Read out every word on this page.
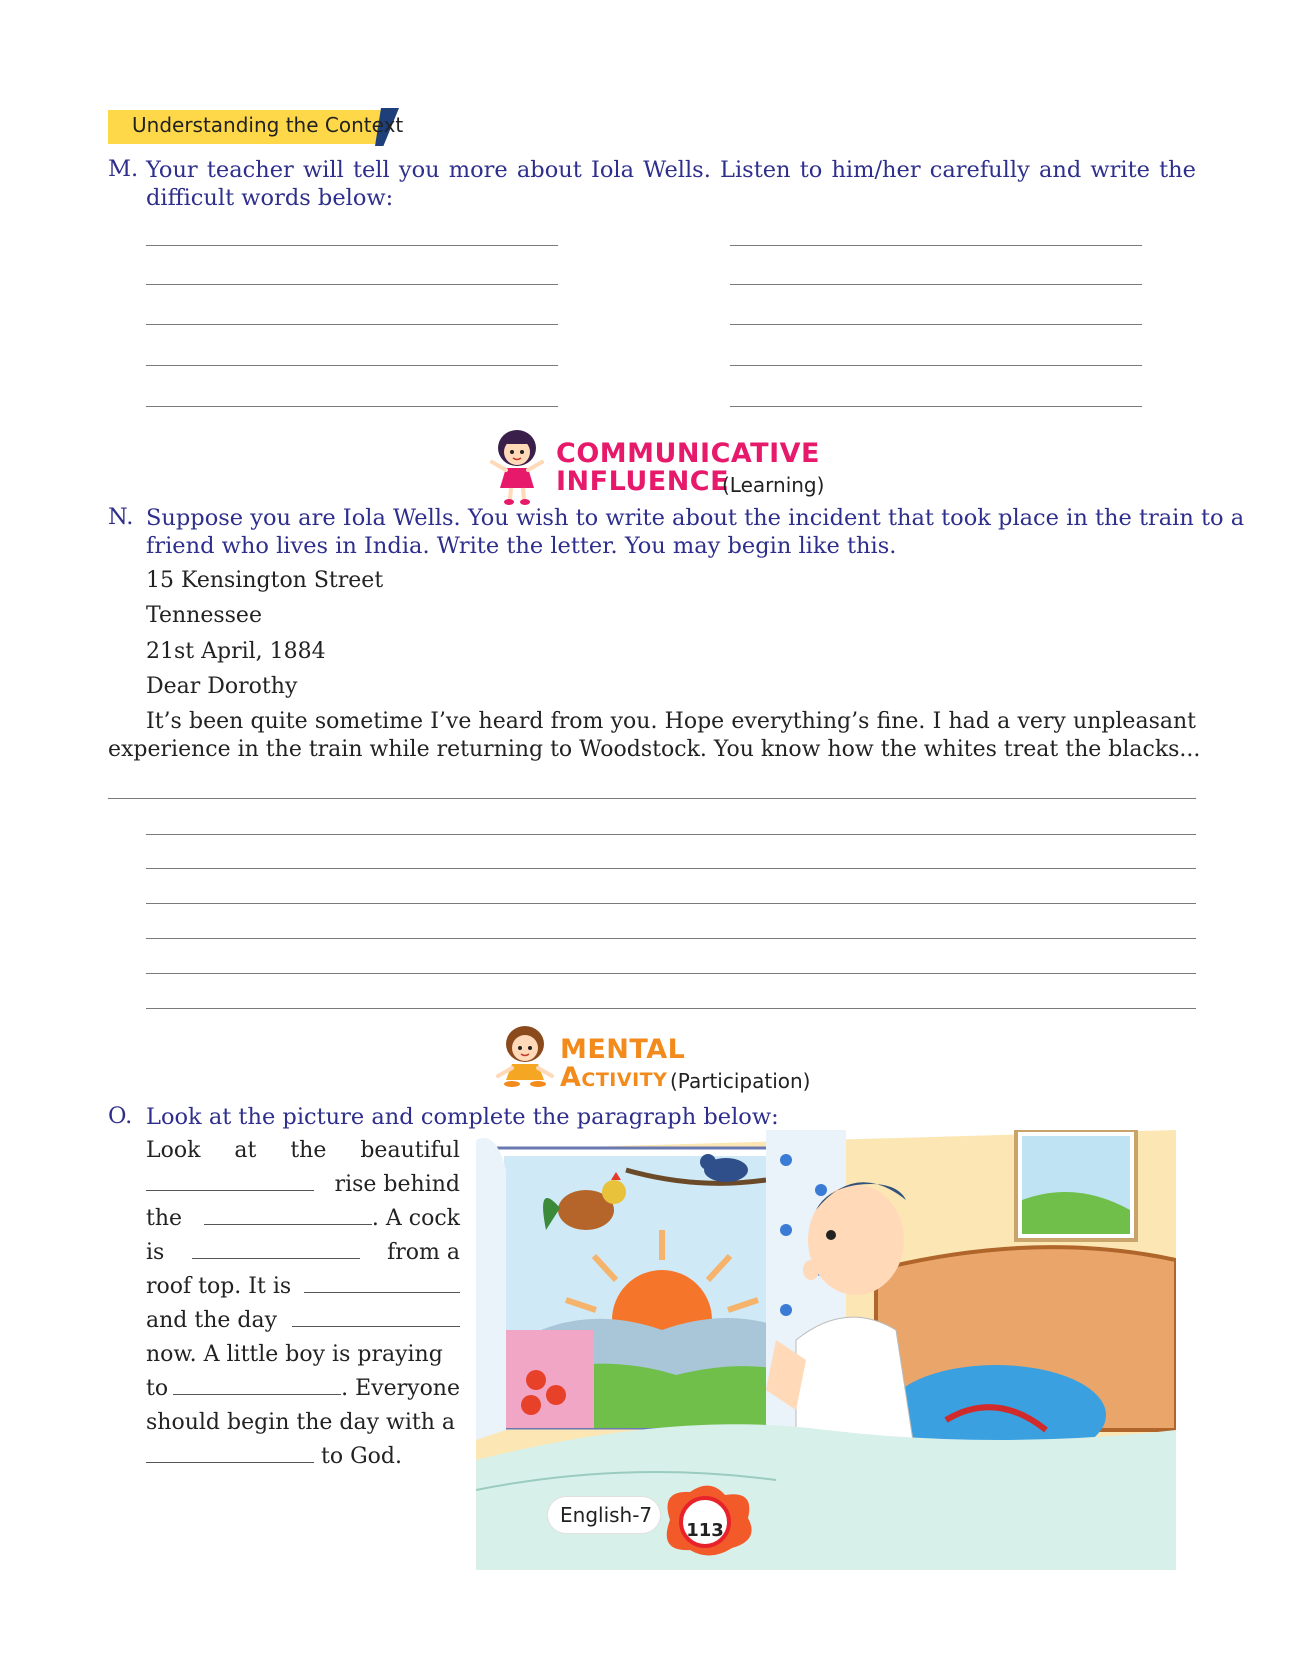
Understanding the Context
M. Your teacher will tell you more about Iola Wells. Listen to him/her carefully and write the
difficult words below:
COMMUNICATIVE
INFLUENCE
(Learning)
N. Suppose you are Iola Wells. You wish to write about the incident that took place in the train to a
friend who lives in India. Write the letter. You may begin like this.
15 Kensington Street
Tennessee
21st April, 1884
Dear Dorothy
It’s been quite sometime I’ve heard from you. Hope everything’s fine. I had a very unpleasant
experience in the train while returning to Woodstock. You know how the whites treat the blacks...
MENTAL
Activity (Participation)
O. Look at the picture and complete the paragraph below:
Look at the beautiful
rise behind
the	. A cock
is	from a
roof top. It is
and the day
now. A little boy is praying
to	. Everyone
should begin the day with a
to God.
English-7
113
